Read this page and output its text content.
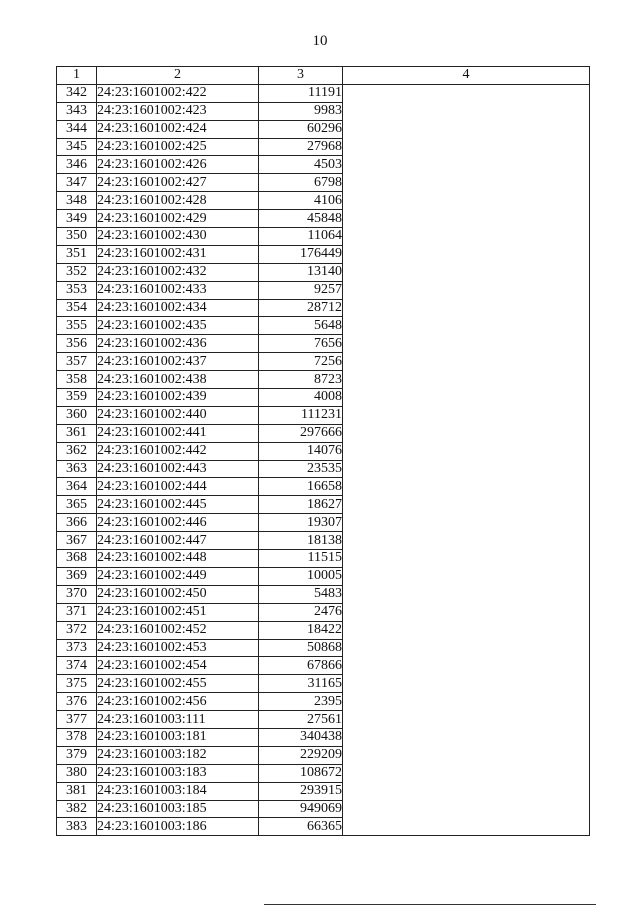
10
1	2	3	4
342	24:23:1601002:422	11191	
343	24:23:1601002:423	9983	
344	24:23:1601002:424	60296	
345	24:23:1601002:425	27968	
346	24:23:1601002:426	4503	
347	24:23:1601002:427	6798	
348	24:23:1601002:428	4106	
349	24:23:1601002:429	45848	
350	24:23:1601002:430	11064	
351	24:23:1601002:431	176449	
352	24:23:1601002:432	13140	
353	24:23:1601002:433	9257	
354	24:23:1601002:434	28712	
355	24:23:1601002:435	5648	
356	24:23:1601002:436	7656	
357	24:23:1601002:437	7256	
358	24:23:1601002:438	8723	
359	24:23:1601002:439	4008	
360	24:23:1601002:440	111231	
361	24:23:1601002:441	297666	
362	24:23:1601002:442	14076	
363	24:23:1601002:443	23535	
364	24:23:1601002:444	16658	
365	24:23:1601002:445	18627	
366	24:23:1601002:446	19307	
367	24:23:1601002:447	18138	
368	24:23:1601002:448	11515	
369	24:23:1601002:449	10005	
370	24:23:1601002:450	5483	
371	24:23:1601002:451	2476	
372	24:23:1601002:452	18422	
373	24:23:1601002:453	50868	
374	24:23:1601002:454	67866	
375	24:23:1601002:455	31165	
376	24:23:1601002:456	2395	
377	24:23:1601003:111	27561	
378	24:23:1601003:181	340438	
379	24:23:1601003:182	229209	
380	24:23:1601003:183	108672	
381	24:23:1601003:184	293915	
382	24:23:1601003:185	949069	
383	24:23:1601003:186	66365	
